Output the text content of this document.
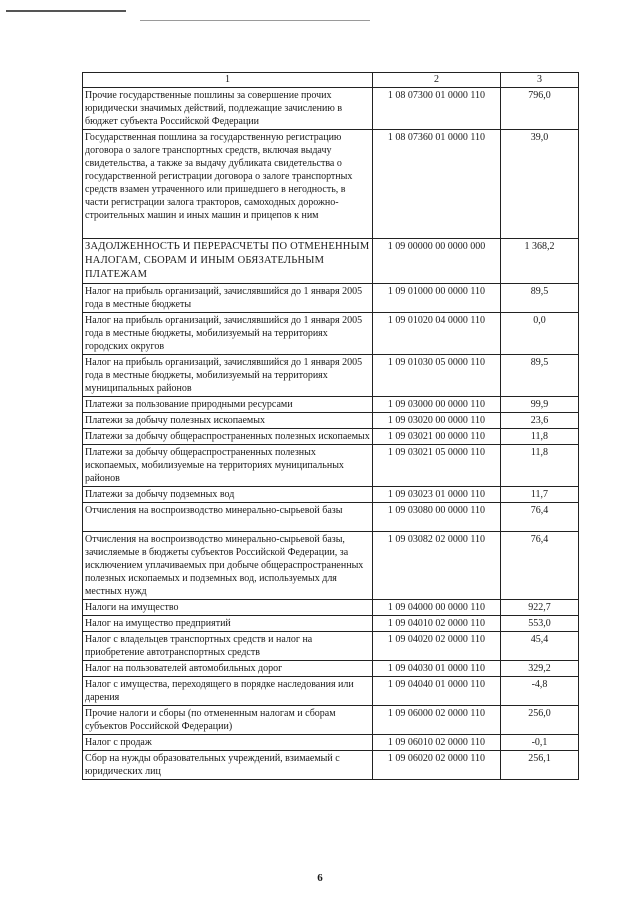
1	2	3
Прочие государственные пошлины за совершение прочих юридически значимых действий, подлежащие зачислению в бюджет субъекта Российской Федерации	1 08 07300 01 0000 110	796,0
Государственная пошлина за государственную регистрацию договора о залоге транспортных средств, включая выдачу свидетельства, а также за выдачу дубликата свидетельства о государственной регистрации договора о залоге транспортных средств взамен утраченного или пришедшего в негодность, в части регистрации залога тракторов, самоходных дорожно-строительных машин и иных машин и прицепов к ним	1 08 07360 01 0000 110	39,0
ЗАДОЛЖЕННОСТЬ И ПЕРЕРАСЧЕТЫ ПО ОТМЕНЕННЫМ НАЛОГАМ, СБОРАМ И ИНЫМ ОБЯЗАТЕЛЬНЫМ ПЛАТЕЖАМ	1 09 00000 00 0000 000	1 368,2
Налог на прибыль организаций, зачислявшийся до 1 января 2005 года в местные бюджеты	1 09 01000 00 0000 110	89,5
Налог на прибыль организаций, зачислявшийся до 1 января 2005 года в местные бюджеты, мобилизуемый на территориях городских округов	1 09 01020 04 0000 110	0,0
Налог на прибыль организаций, зачислявшийся до 1 января 2005 года в местные бюджеты, мобилизуемый на территориях муниципальных районов	1 09 01030 05 0000 110	89,5
Платежи за пользование природными ресурсами	1 09 03000 00 0000 110	99,9
Платежи за добычу полезных ископаемых	1 09 03020 00 0000 110	23,6
Платежи за добычу общераспространенных полезных ископаемых	1 09 03021 00 0000 110	11,8
Платежи за добычу общераспространенных полезных ископаемых, мобилизуемые на территориях муниципальных районов	1 09 03021 05 0000 110	11,8
Платежи за добычу подземных вод	1 09 03023 01 0000 110	11,7
Отчисления на воспроизводство минерально-сырьевой базы	1 09 03080 00 0000 110	76,4
Отчисления на воспроизводство минерально-сырьевой базы, зачисляемые в бюджеты субъектов Российской Федерации, за исключением уплачиваемых при добыче общераспространенных полезных ископаемых и подземных вод, используемых для местных нужд	1 09 03082 02 0000 110	76,4
Налоги на имущество	1 09 04000 00 0000 110	922,7
Налог на имущество предприятий	1 09 04010 02 0000 110	553,0
Налог с владельцев транспортных средств и налог на приобретение автотранспортных средств	1 09 04020 02 0000 110	45,4
Налог на пользователей автомобильных дорог	1 09 04030 01 0000 110	329,2
Налог с имущества, переходящего в порядке наследования или дарения	1 09 04040 01 0000 110	-4,8
Прочие налоги и сборы (по отмененным налогам и сборам субъектов Российской Федерации)	1 09 06000 02 0000 110	256,0
Налог с продаж	1 09 06010 02 0000 110	-0,1
Сбор на нужды образовательных учреждений, взимаемый с юридических лиц	1 09 06020 02 0000 110	256,1
6
